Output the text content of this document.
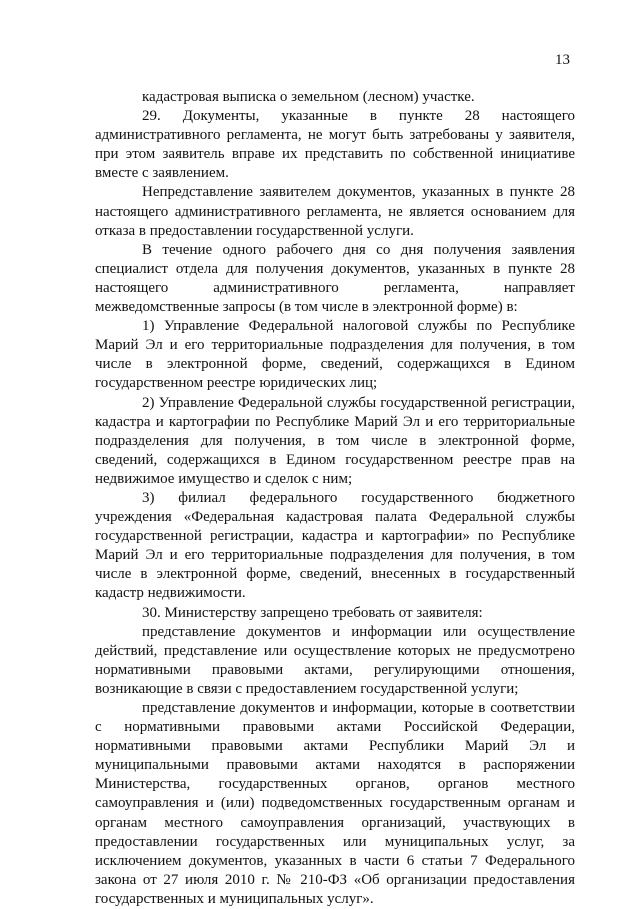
13

кадастровая выписка о земельном (лесном) участке.

29. Документы, указанные в пункте 28 настоящего административного регламента, не могут быть затребованы у заявителя, при этом заявитель вправе их представить по собственной инициативе вместе с заявлением.

Непредставление заявителем документов, указанных в пункте 28 настоящего административного регламента, не является основанием для отказа в предоставлении государственной услуги.

В течение одного рабочего дня со дня получения заявления специалист отдела для получения документов, указанных в пункте 28 настоящего административного регламента, направляет межведомственные запросы (в том числе в электронной форме) в:

1) Управление Федеральной налоговой службы по Республике Марий Эл и его территориальные подразделения для получения, в том числе в электронной форме, сведений, содержащихся в Едином государственном реестре юридических лиц;

2) Управление Федеральной службы государственной регистрации, кадастра и картографии по Республике Марий Эл и его территориальные подразделения для получения, в том числе в электронной форме, сведений, содержащихся в Едином государственном реестре прав на недвижимое имущество и сделок с ним;

3) филиал федерального государственного бюджетного учреждения «Федеральная кадастровая палата Федеральной службы государственной регистрации, кадастра и картографии» по Республике Марий Эл и его территориальные подразделения для получения, в том числе в электронной форме, сведений, внесенных в государственный кадастр недвижимости.

30. Министерству запрещено требовать от заявителя:

представление документов и информации или осуществление действий, представление или осуществление которых не предусмотрено нормативными правовыми актами, регулирующими отношения, возникающие в связи с предоставлением государственной услуги;

представление документов и информации, которые в соответствии с нормативными правовыми актами Российской Федерации, нормативными правовыми актами Республики Марий Эл и муниципальными правовыми актами находятся в распоряжении Министерства, государственных органов, органов местного самоуправления и (или) подведомственных государственным органам и органам местного самоуправления организаций, участвующих в предоставлении государственных или муниципальных услуг, за исключением документов, указанных в части 6 статьи 7 Федерального закона от 27 июля 2010 г. № 210-ФЗ «Об организации предоставления государственных и муниципальных услуг».
